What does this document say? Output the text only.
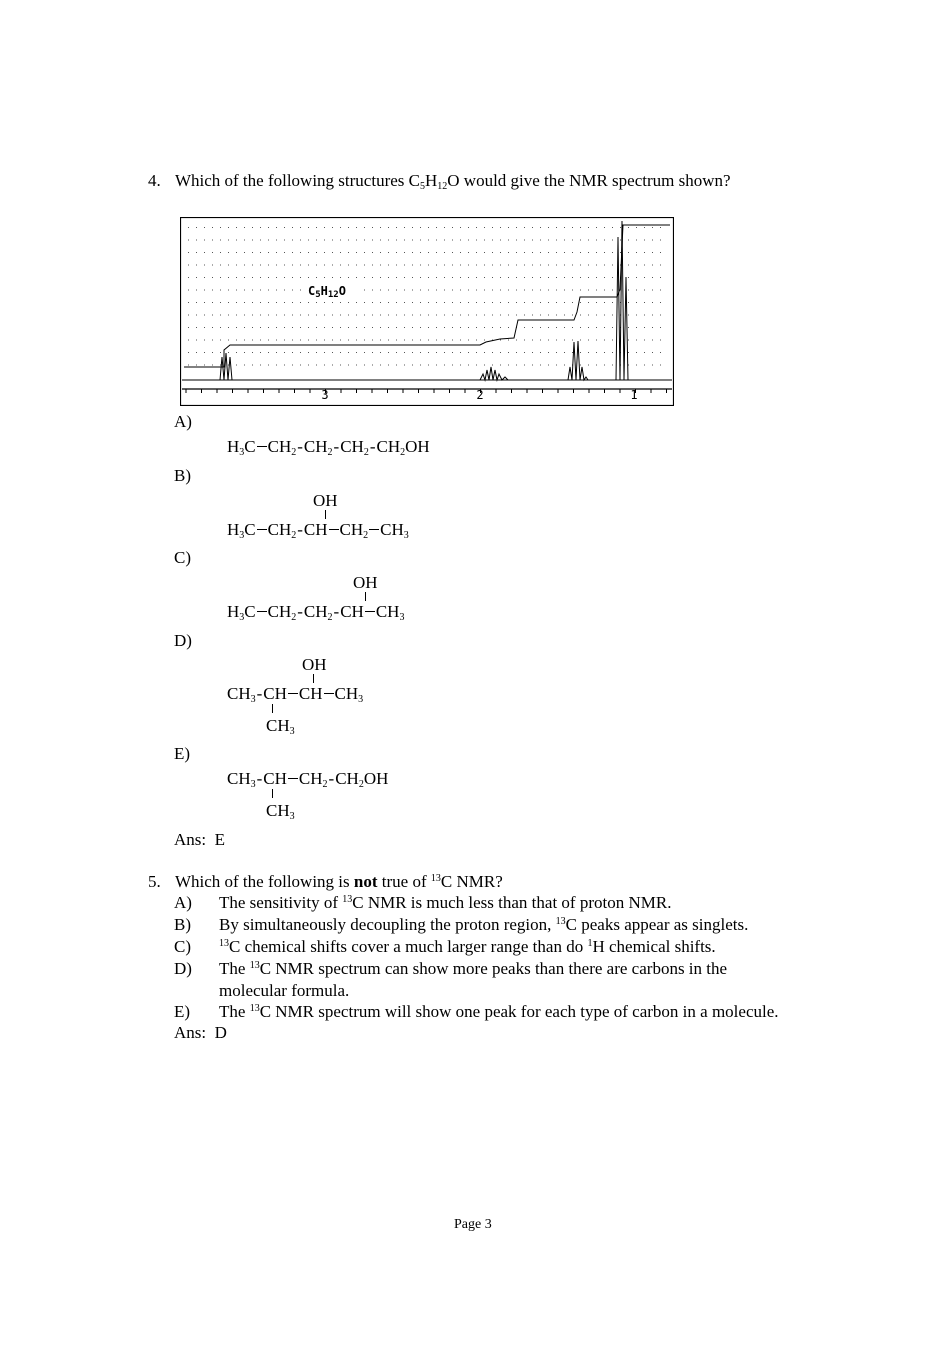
4. Which of the following structures $C_5H_{12}O$ would give the NMR spectrum shown?
3	2	1
C5H12O
A)
$H_3C$ $CH_2-CH_2-CH_2-CH_2OH$
B)
OH
$H_3C$ $CH_2-CH$ $CH_2$ $CH_3$
C)
OH
$H_3C$ $CH_2-CH_2-CH$ $CH_3$
D)
OH
$CH_3-CH$ CH $CH_3$
$CH_3$
E)
$CH_3-CH$ $CH_2-CH_2OH$
$CH_3$
Ans: E
5. Which of the following is not true of $^{13}$C NMR?
A) The sensitivity of $^{13}$C NMR is much less than that of proton NMR.
B) By simultaneously decoupling the proton region, $^{13}$C peaks appear as singlets.
C)	$^{13}$C chemical shifts cover a much larger range than do $^1$H chemical shifts.
D) The $^{13}$C NMR spectrum can show more peaks than there are carbons in the
molecular formula.
E) The $^{13}$C NMR spectrum will show one peak for each type of carbon in a molecule.
Ans: D
Page 3
